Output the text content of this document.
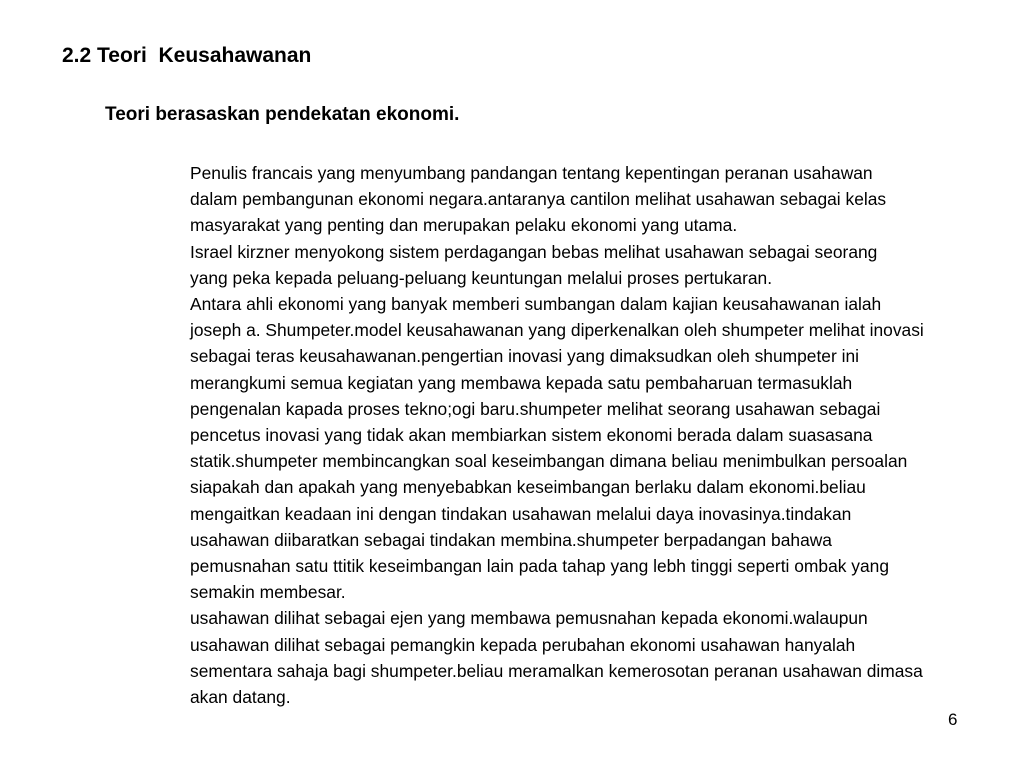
2.2 Teori  Keusahawanan
Teori berasaskan pendekatan ekonomi.

Penulis francais yang menyumbang pandangan tentang kepentingan peranan usahawan
dalam pembangunan ekonomi negara.antaranya cantilon melihat usahawan sebagai kelas
masyarakat yang penting dan merupakan pelaku ekonomi yang utama.

Israel kirzner menyokong sistem perdagangan bebas melihat usahawan sebagai seorang
yang peka kepada peluang-peluang keuntungan melalui proses pertukaran.

Antara ahli ekonomi yang banyak memberi sumbangan dalam kajian keusahawanan ialah
joseph a. Shumpeter.model keusahawanan yang diperkenalkan oleh shumpeter melihat inovasi
sebagai teras keusahawanan.pengertian inovasi yang dimaksudkan oleh shumpeter ini
merangkumi semua kegiatan yang membawa kepada satu pembaharuan termasuklah
pengenalan kapada proses tekno;ogi baru.shumpeter melihat seorang usahawan sebagai
pencetus inovasi yang tidak akan membiarkan sistem ekonomi berada dalam suasasana
statik.shumpeter membincangkan soal keseimbangan dimana beliau menimbulkan persoalan
siapakah dan apakah yang menyebabkan keseimbangan berlaku dalam ekonomi.beliau
mengaitkan keadaan ini dengan tindakan usahawan melalui daya inovasinya.tindakan
usahawan diibaratkan sebagai tindakan membina.shumpeter berpadangan bahawa
pemusnahan satu ttitik keseimbangan lain pada tahap yang lebh tinggi seperti ombak yang
semakin membesar.

usahawan dilihat sebagai ejen yang membawa pemusnahan kepada ekonomi.walaupun
usahawan dilihat sebagai pemangkin kepada perubahan ekonomi usahawan hanyalah
sementara sahaja bagi shumpeter.beliau meramalkan kemerosotan peranan usahawan dimasa
akan datang.

6
